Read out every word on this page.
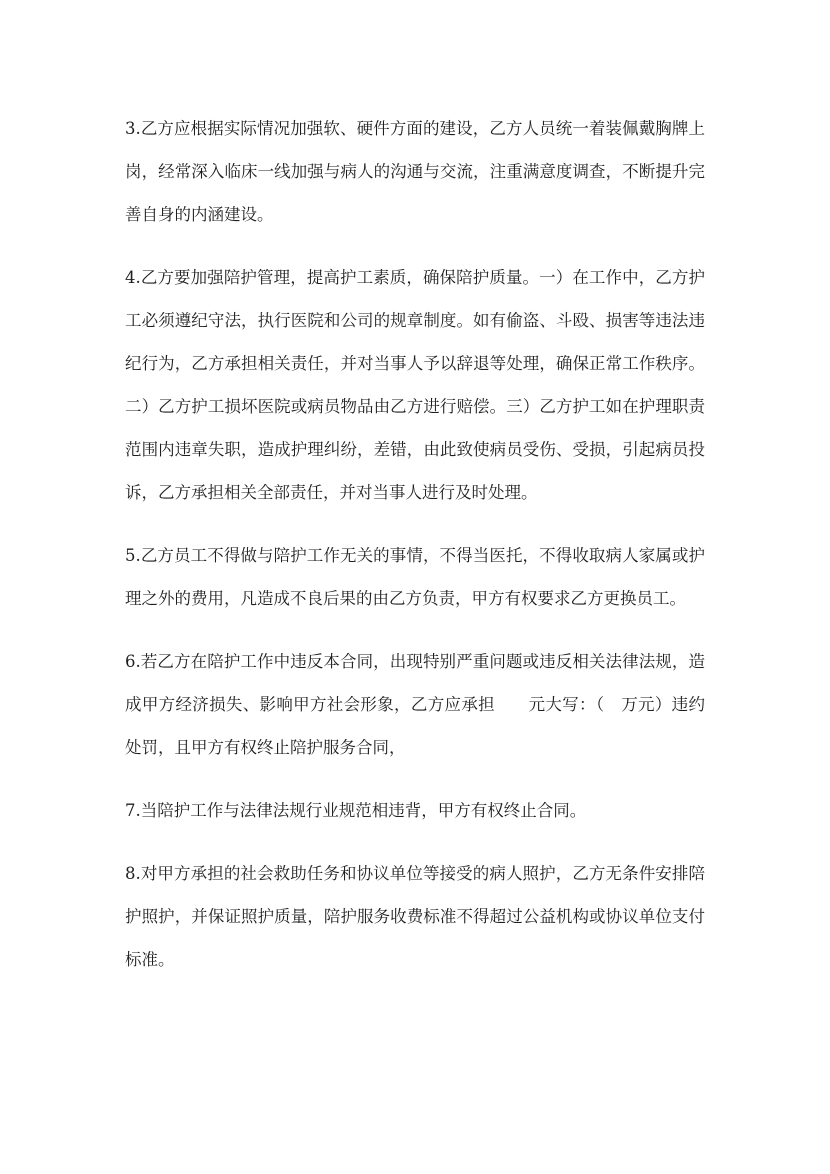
3.乙方应根据实际情况加强软、硬件方面的建设，乙方人员统一着装佩戴胸牌上
岗，经常深入临床一线加强与病人的沟通与交流，注重满意度调查，不断提升完
善自身的内涵建设。
4.乙方要加强陪护管理，提高护工素质，确保陪护质量。一）在工作中，乙方护
工必须遵纪守法，执行医院和公司的规章制度。如有偷盗、斗殴、损害等违法违
纪行为，乙方承担相关责任，并对当事人予以辞退等处理，确保正常工作秩序。
二）乙方护工损坏医院或病员物品由乙方进行赔偿。三）乙方护工如在护理职责
范围内违章失职，造成护理纠纷，差错，由此致使病员受伤、受损，引起病员投
诉，乙方承担相关全部责任，并对当事人进行及时处理。
5.乙方员工不得做与陪护工作无关的事情，不得当医托，不得收取病人家属或护
理之外的费用，凡造成不良后果的由乙方负责，甲方有权要求乙方更换员工。
6.若乙方在陪护工作中违反本合同，出现特别严重问题或违反相关法律法规，造
成甲方经济损失、影响甲方社会形象，乙方应承担　　元大写：（　万元）违约
处罚，且甲方有权终止陪护服务合同，
7.当陪护工作与法律法规行业规范相违背，甲方有权终止合同。
8.对甲方承担的社会救助任务和协议单位等接受的病人照护，乙方无条件安排陪
护照护，并保证照护质量，陪护服务收费标准不得超过公益机构或协议单位支付
标准。
